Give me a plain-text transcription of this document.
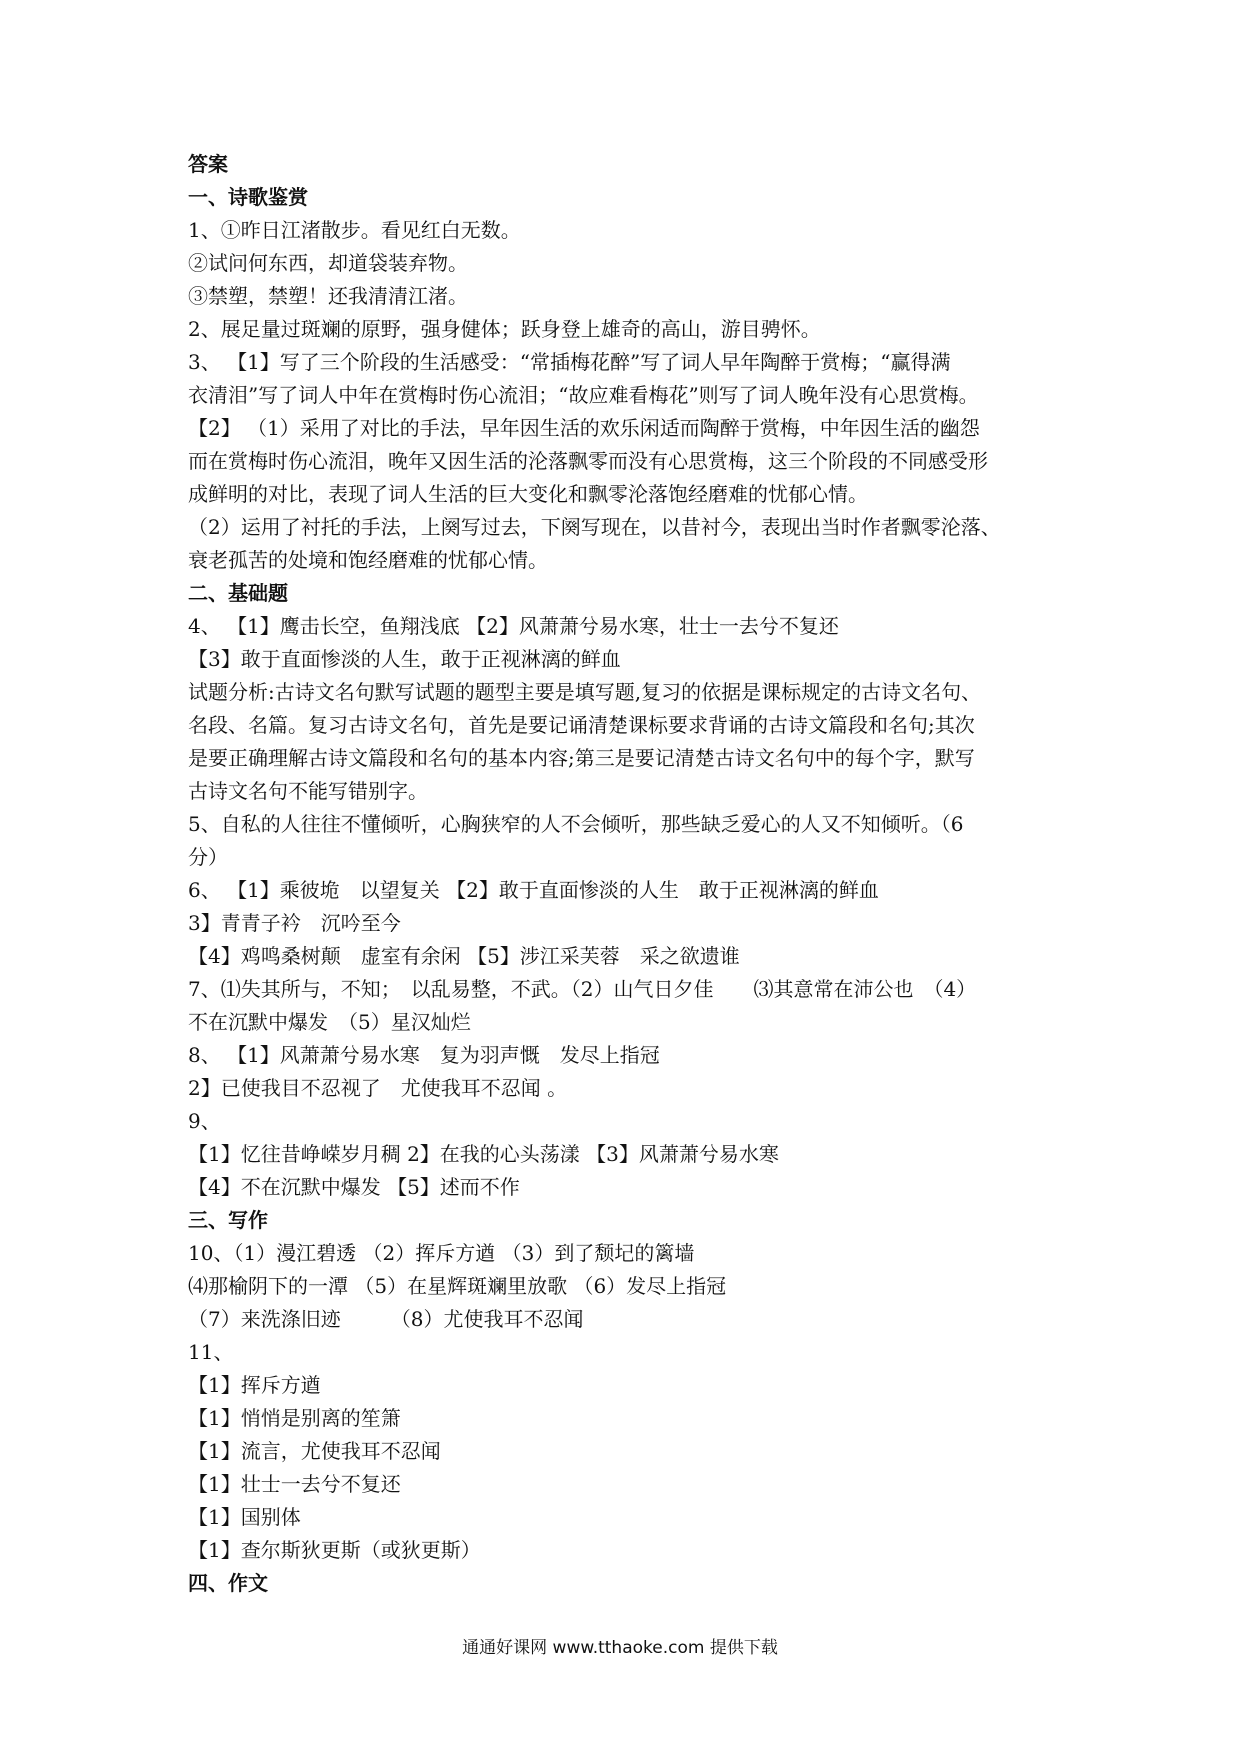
答案
一、诗歌鉴赏
1、①昨日江渚散步。看见红白无数。
②试问何东西，却道袋装弃物。
③禁塑，禁塑！还我清清江渚。
2、展足量过斑斓的原野，强身健体；跃身登上雄奇的高山，游目骋怀。
3、 【1】写了三个阶段的生活感受：“常插梅花醉”写了词人早年陶醉于赏梅；“赢得满
衣清泪”写了词人中年在赏梅时伤心流泪；“故应难看梅花”则写了词人晚年没有心思赏梅。
【2】 （1）采用了对比的手法，早年因生活的欢乐闲适而陶醉于赏梅，中年因生活的幽怨
而在赏梅时伤心流泪，晚年又因生活的沦落飘零而没有心思赏梅，这三个阶段的不同感受形
成鲜明的对比，表现了词人生活的巨大变化和飘零沦落饱经磨难的忧郁心情。
（2）运用了衬托的手法，上阕写过去，下阕写现在，以昔衬今，表现出当时作者飘零沦落、
衰老孤苦的处境和饱经磨难的忧郁心情。
二、基础题
4、 【1】鹰击长空，鱼翔浅底 【2】风萧萧兮易水寒，壮士一去兮不复还
【3】敢于直面惨淡的人生，敢于正视淋漓的鲜血
试题分析:古诗文名句默写试题的题型主要是填写题,复习的依据是课标规定的古诗文名句、
名段、名篇。复习古诗文名句，首先是要记诵清楚课标要求背诵的古诗文篇段和名句;其次
是要正确理解古诗文篇段和名句的基本内容;第三是要记清楚古诗文名句中的每个字，默写
古诗文名句不能写错别字。
5、自私的人往往不懂倾听，心胸狭窄的人不会倾听，那些缺乏爱心的人又不知倾听。（6
分）
6、 【1】乘彼垝　以望复关 【2】敢于直面惨淡的人生　敢于正视淋漓的鲜血
3】青青子衿　沉吟至今
【4】鸡鸣桑树颠　虚室有余闲 【5】涉江采芙蓉　采之欲遗谁
7、⑴失其所与，不知；　以乱易整，不武。（2）山气日夕佳　　⑶其意常在沛公也　（4）
不在沉默中爆发　（5）星汉灿烂
8、 【1】风萧萧兮易水寒　复为羽声慨　发尽上指冠
2】已使我目不忍视了　尤使我耳不忍闻 。
9、
【1】忆往昔峥嵘岁月稠 2】在我的心头荡漾 【3】风萧萧兮易水寒
【4】不在沉默中爆发 【5】述而不作
三、写作
10、（1）漫江碧透 （2）挥斥方遒 （3）到了颓圮的篱墙
⑷那榆阴下的一潭 （5）在星辉斑斓里放歌 （6）发尽上指冠
（7）来洗涤旧迹　　　（8）尤使我耳不忍闻
11、
【1】挥斥方遒
【1】悄悄是别离的笙箫
【1】流言，尤使我耳不忍闻
【1】壮士一去兮不复还
【1】国别体
【1】查尔斯狄更斯（或狄更斯）
四、作文
通通好课网 www.tthaoke.com 提供下载
